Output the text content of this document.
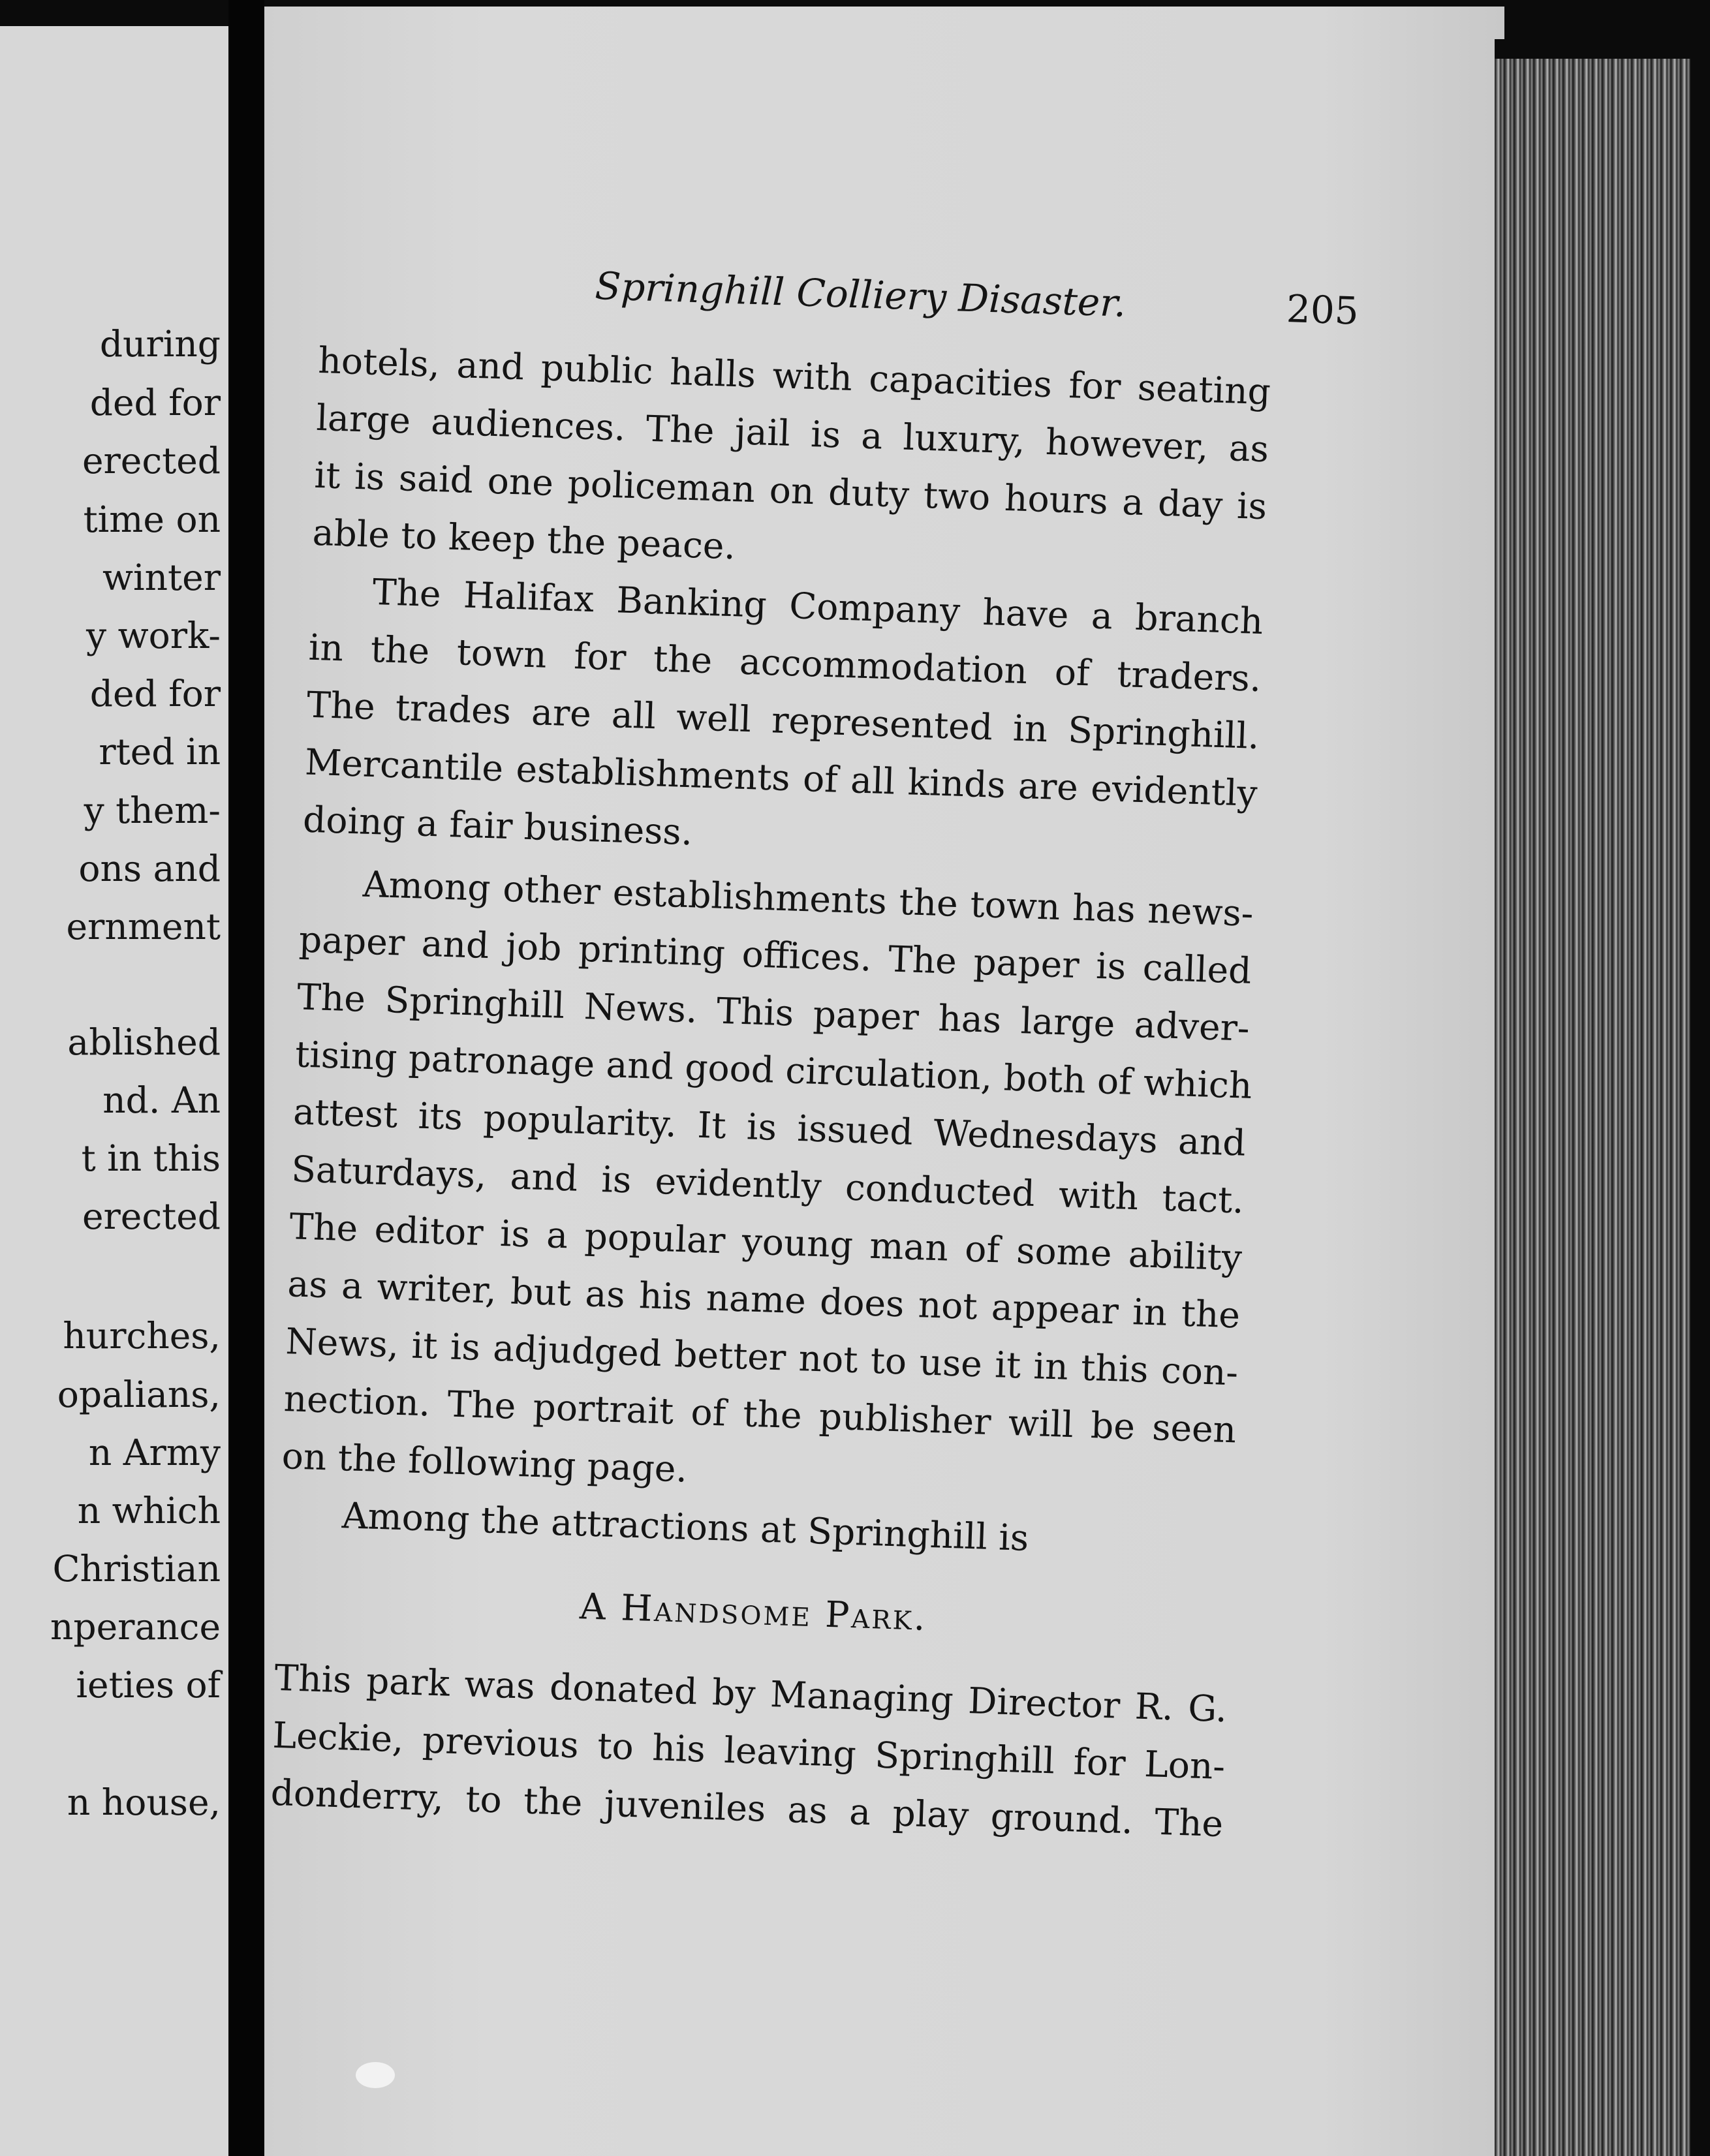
during
ded for
erected
time on
winter
y work-
ded for
rted in
y them-
ons and
ernment
ablished
nd. An
t in this
erected
hurches,
opalians,
n Army
n which
Christian
nperance
ieties of
n house,
Springhill Colliery Disaster.	205
hotels, and public halls with capacities for seating
large audiences. The jail is a luxury, however, as
it is said one policeman on duty two hours a day is
able to keep the peace.
The Halifax Banking Company have a branch
in the town for the accommodation of traders.
The trades are all well represented in Springhill.
Mercantile establishments of all kinds are evidently
doing a fair business.
Among other establishments the town has news-
paper and job printing offices. The paper is called
The Springhill News. This paper has large adver-
tising patronage and good circulation, both of which
attest its popularity. It is issued Wednesdays and
Saturdays, and is evidently conducted with tact.
The editor is a popular young man of some ability
as a writer, but as his name does not appear in the
News, it is adjudged better not to use it in this con-
nection. The portrait of the publisher will be seen
on the following page.
Among the attractions at Springhill is
A Handsome Park.
This park was donated by Managing Director R. G.
Leckie, previous to his leaving Springhill for Lon-
donderry, to the juveniles as a play ground. The
